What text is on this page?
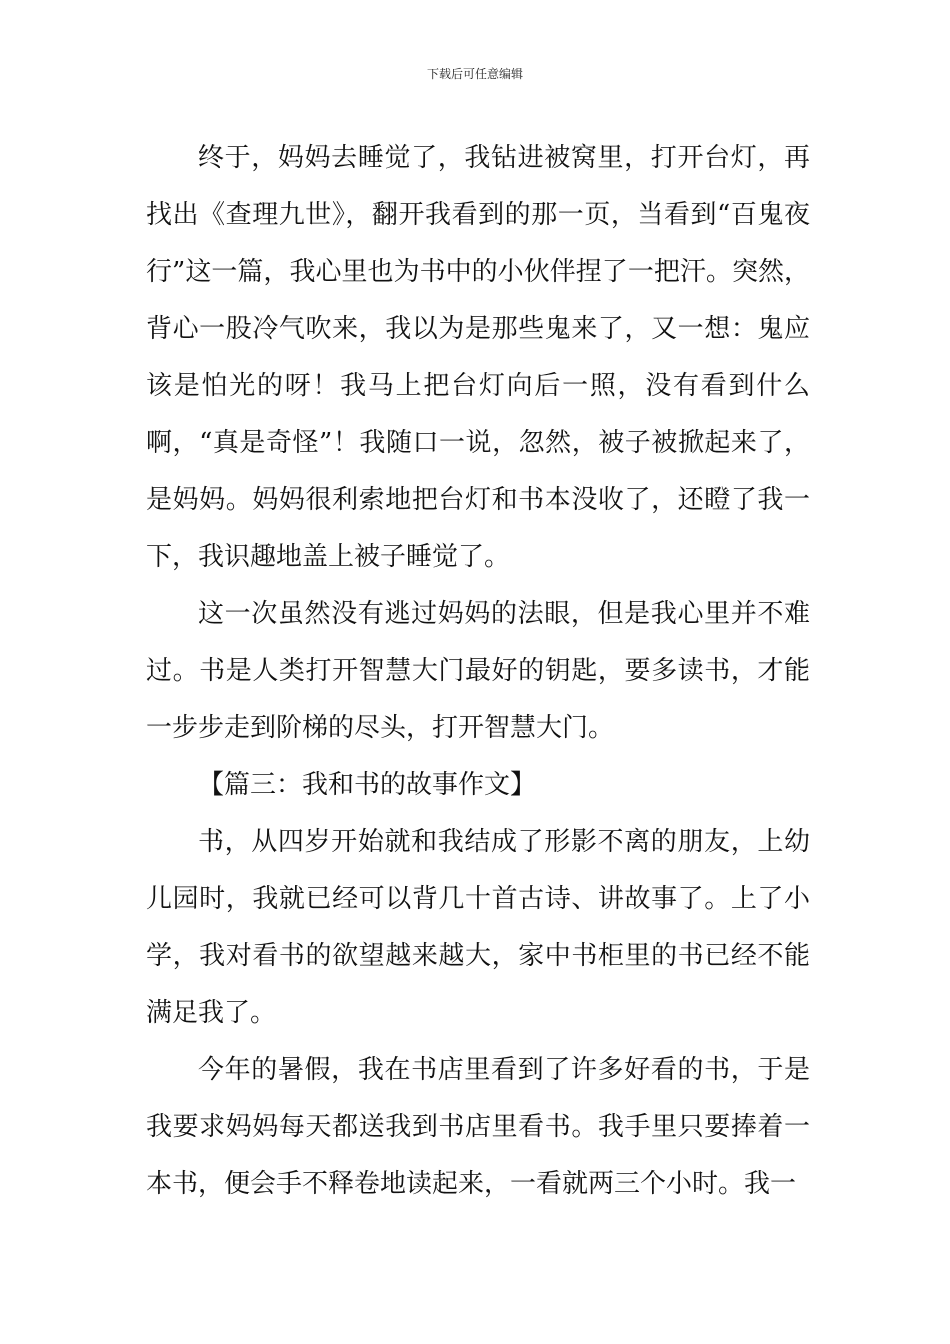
下载后可任意编辑

终于，妈妈去睡觉了，我钻进被窝里，打开台灯，再找出《查理九世》，翻开我看到的那一页，当看到“百鬼夜行”这一篇，我心里也为书中的小伙伴捏了一把汗。突然，背心一股冷气吹来，我以为是那些鬼来了，又一想：鬼应该是怕光的呀！我马上把台灯向后一照，没有看到什么啊，“真是奇怪”！我随口一说，忽然，被子被掀起来了，是妈妈。妈妈很利索地把台灯和书本没收了，还瞪了我一下，我识趣地盖上被子睡觉了。

这一次虽然没有逃过妈妈的法眼，但是我心里并不难过。书是人类打开智慧大门最好的钥匙，要多读书，才能一步步走到阶梯的尽头，打开智慧大门。

【篇三：我和书的故事作文】

书，从四岁开始就和我结成了形影不离的朋友，上幼儿园时，我就已经可以背几十首古诗、讲故事了。上了小学，我对看书的欲望越来越大，家中书柜里的书已经不能满足我了。

今年的暑假，我在书店里看到了许多好看的书，于是我要求妈妈每天都送我到书店里看书。我手里只要捧着一本书，便会手不释卷地读起来，一看就两三个小时。我一
